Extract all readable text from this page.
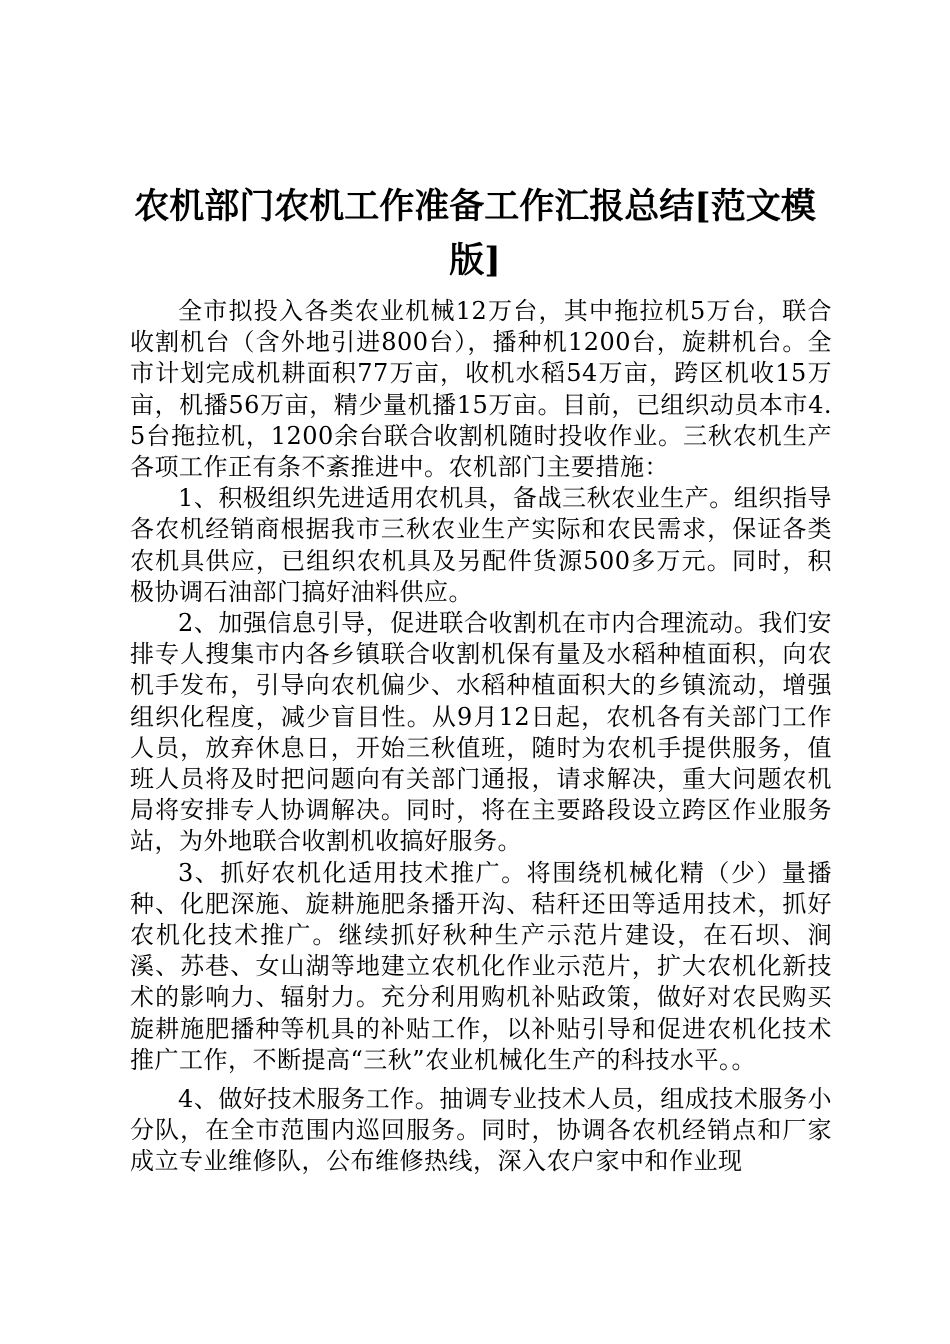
农机部门农机工作准备工作汇报总结[范文模版]

全市拟投入各类农业机械12万台，其中拖拉机5万台，联合收割机台（含外地引进800台），播种机1200台，旋耕机台。全市计划完成机耕面积77万亩，收机水稻54万亩，跨区机收15万亩，机播56万亩，精少量机播15万亩。目前，已组织动员本市4.5台拖拉机，1200余台联合收割机随时投收作业。三秋农机生产各项工作正有条不紊推进中。农机部门主要措施：

1、积极组织先进适用农机具，备战三秋农业生产。组织指导各农机经销商根据我市三秋农业生产实际和农民需求，保证各类农机具供应，已组织农机具及另配件货源500多万元。同时，积极协调石油部门搞好油料供应。

2、加强信息引导，促进联合收割机在市内合理流动。我们安排专人搜集市内各乡镇联合收割机保有量及水稻种植面积，向农机手发布，引导向农机偏少、水稻种植面积大的乡镇流动，增强组织化程度，减少盲目性。从9月12日起，农机各有关部门工作人员，放弃休息日，开始三秋值班，随时为农机手提供服务，值班人员将及时把问题向有关部门通报，请求解决，重大问题农机局将安排专人协调解决。同时，将在主要路段设立跨区作业服务站，为外地联合收割机收搞好服务。

3、抓好农机化适用技术推广。将围绕机械化精（少）量播种、化肥深施、旋耕施肥条播开沟、秸秆还田等适用技术，抓好农机化技术推广。继续抓好秋种生产示范片建设，在石坝、涧溪、苏巷、女山湖等地建立农机化作业示范片，扩大农机化新技术的影响力、辐射力。充分利用购机补贴政策，做好对农民购买旋耕施肥播种等机具的补贴工作，以补贴引导和促进农机化技术推广工作，不断提高“三秋”农业机械化生产的科技水平。。

4、做好技术服务工作。抽调专业技术人员，组成技术服务小分队，在全市范围内巡回服务。同时，协调各农机经销点和厂家成立专业维修队，公布维修热线，深入农户家中和作业现
